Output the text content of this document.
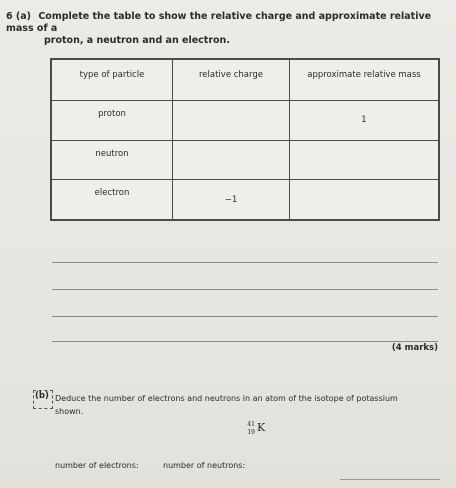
6 (a) Complete the table to show the relative charge and approximate relative mass of a
proton, a neutron and an electron.
type of particle	relative charge	approximate relative mass
proton		1
neutron		
electron	−1	
(4 marks)
(b) Deduce the number of electrons and neutrons in an atom of the isotope of potassium
shown.
41
19 K
number of electrons:	number of neutrons:
